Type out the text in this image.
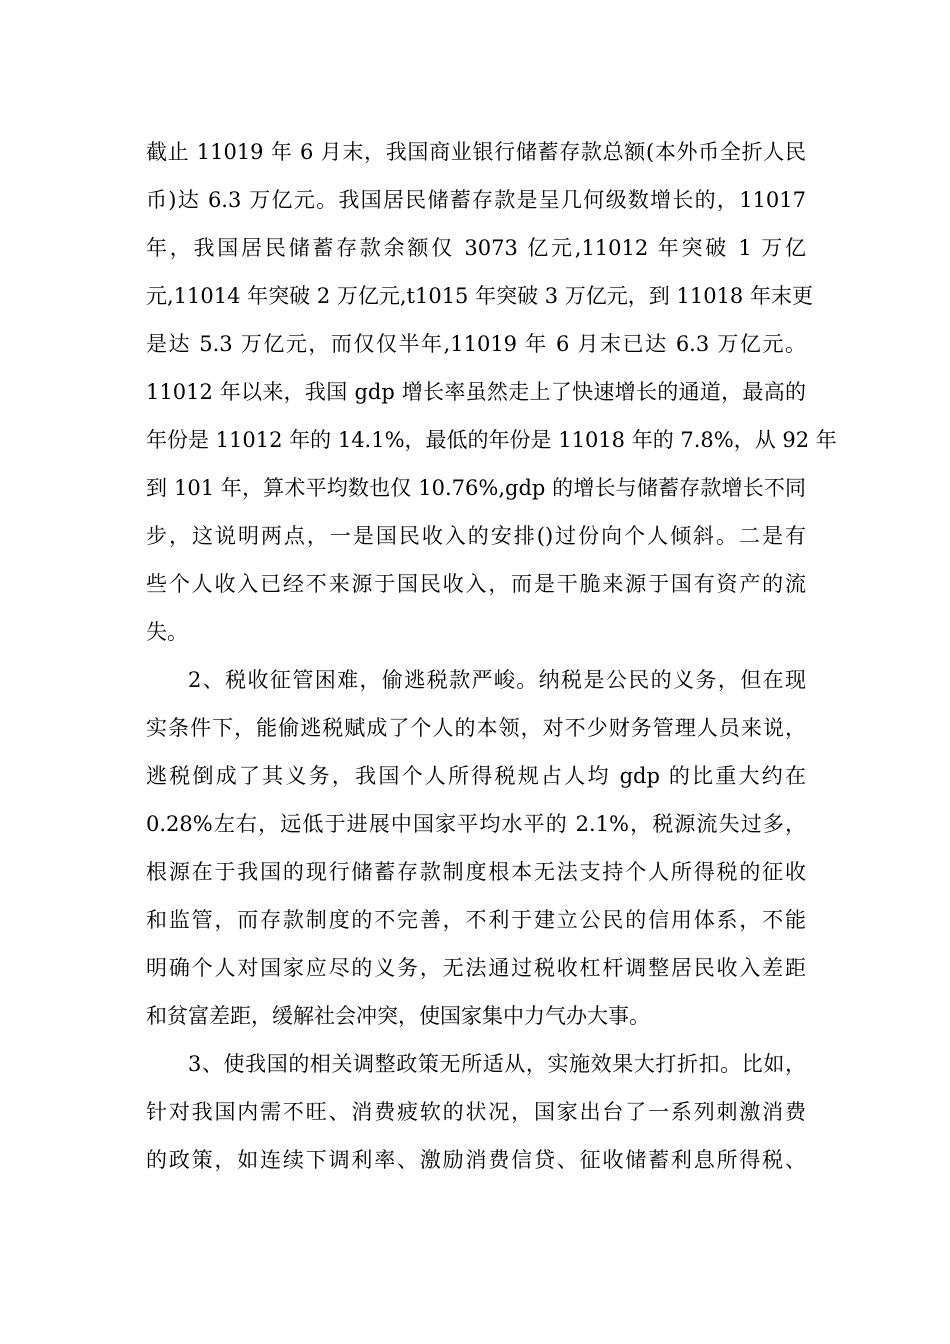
截止 11019 年 6 月末，我国商业银行储蓄存款总额(本外币全折人民
币)达 6.3 万亿元。我国居民储蓄存款是呈几何级数增长的，11017
年，我国居民储蓄存款余额仅 3073 亿元,11012 年突破 1 万亿
元,11014 年突破 2 万亿元,t1015 年突破 3 万亿元，到 11018 年末更
是达 5.3 万亿元，而仅仅半年,11019 年 6 月末已达 6.3 万亿元。
11012 年以来，我国 gdp 增长率虽然走上了快速增长的通道，最高的
年份是 11012 年的 14.1%，最低的年份是 11018 年的 7.8%，从 92 年
到 101 年，算术平均数也仅 10.76%,gdp 的增长与储蓄存款增长不同
步，这说明两点，一是国民收入的安排()过份向个人倾斜。二是有
些个人收入已经不来源于国民收入，而是干脆来源于国有资产的流
失。
2、税收征管困难，偷逃税款严峻。纳税是公民的义务，但在现
实条件下，能偷逃税赋成了个人的本领，对不少财务管理人员来说，
逃税倒成了其义务，我国个人所得税规占人均 gdp 的比重大约在
0.28%左右，远低于进展中国家平均水平的 2.1%，税源流失过多，
根源在于我国的现行储蓄存款制度根本无法支持个人所得税的征收
和监管，而存款制度的不完善，不利于建立公民的信用体系，不能
明确个人对国家应尽的义务，无法通过税收杠杆调整居民收入差距
和贫富差距，缓解社会冲突，使国家集中力气办大事。
3、使我国的相关调整政策无所适从，实施效果大打折扣。比如，
针对我国内需不旺、消费疲软的状况，国家出台了一系列刺激消费
的政策，如连续下调利率、激励消费信贷、征收储蓄利息所得税、
